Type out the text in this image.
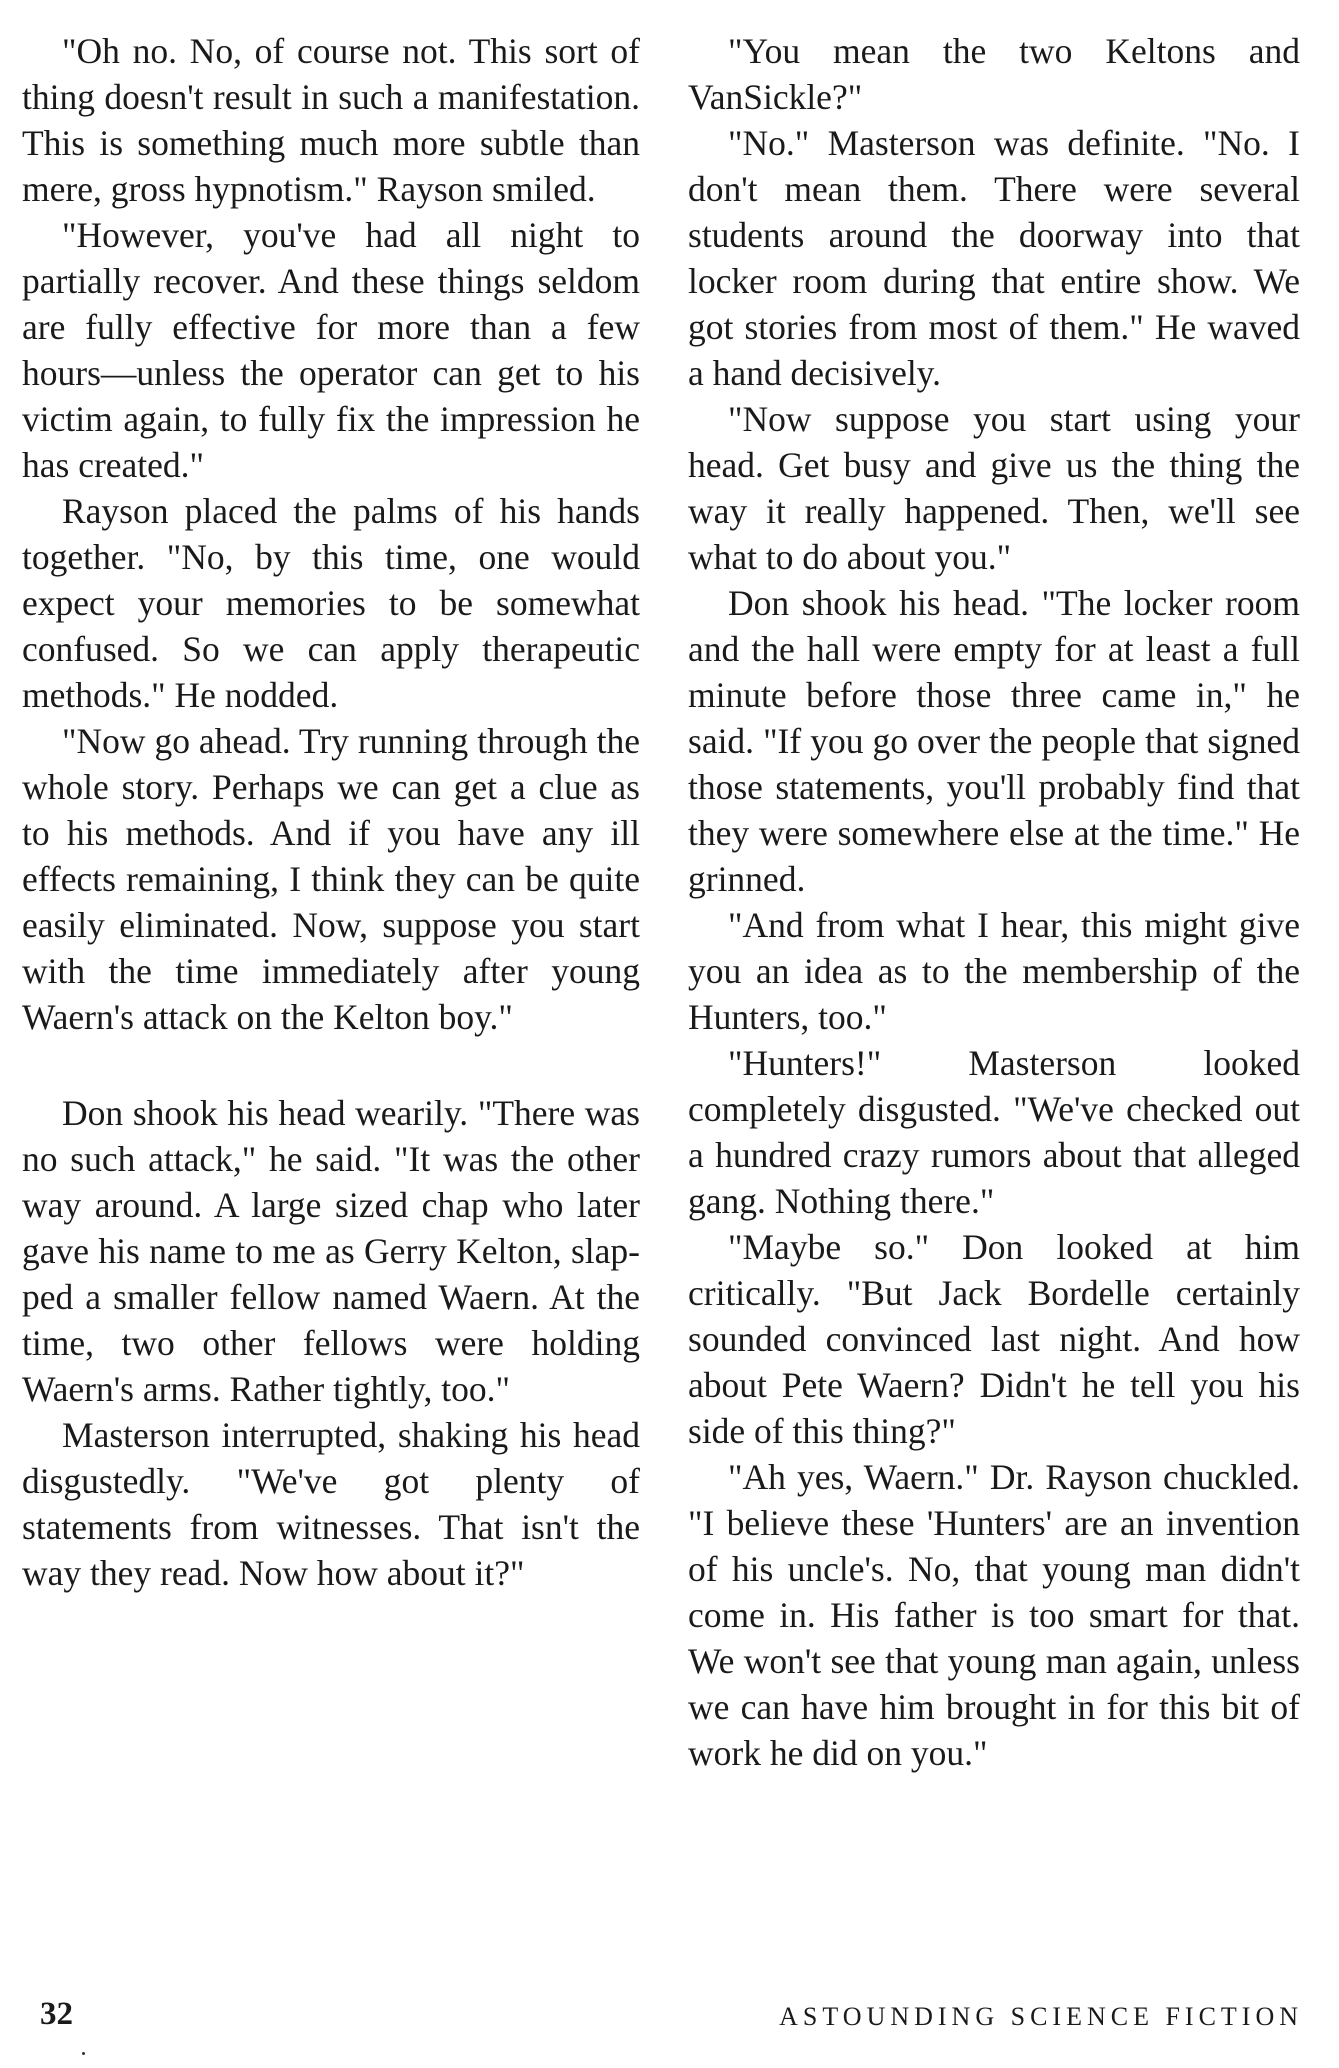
"Oh no. No, of course not. This sort of thing doesn't result in such a manifestation. This is something much more subtle than mere, gross hypnotism." Rayson smiled.

"However, you've had all night to partially recover. And these things seldom are fully effective for more than a few hours—unless the operator can get to his victim again, to fully fix the impression he has created."

Rayson placed the palms of his hands together. "No, by this time, one would expect your memories to be somewhat confused. So we can apply therapeutic methods." He nodded.

"Now go ahead. Try running through the whole story. Perhaps we can get a clue as to his methods. And if you have any ill effects remaining, I think they can be quite easily eliminated. Now, suppose you start with the time immediately after young Waern's attack on the Kelton boy."

Don shook his head wearily. "There was no such attack," he said. "It was the other way around. A large sized chap who later gave his name to me as Gerry Kelton, slapped a smaller fellow named Waern. At the time, two other fellows were holding Waern's arms. Rather tightly, too."

Masterson interrupted, shaking his head disgustedly. "We've got plenty of statements from witnesses. That isn't the way they read. Now how about it?"

"You mean the two Keltons and VanSickle?"

"No." Masterson was definite. "No. I don't mean them. There were several students around the doorway into that locker room during that entire show. We got stories from most of them." He waved a hand decisively.

"Now suppose you start using your head. Get busy and give us the thing the way it really happened. Then, we'll see what to do about you."

Don shook his head. "The locker room and the hall were empty for at least a full minute before those three came in," he said. "If you go over the people that signed those statements, you'll probably find that they were somewhere else at the time." He grinned.

"And from what I hear, this might give you an idea as to the membership of the Hunters, too."

"Hunters!" Masterson looked completely disgusted. "We've checked out a hundred crazy rumors about that alleged gang. Nothing there."

"Maybe so." Don looked at him critically. "But Jack Bordelle certainly sounded convinced last night. And how about Pete Waern? Didn't he tell you his side of this thing?"

"Ah yes, Waern." Dr. Rayson chuckled. "I believe these 'Hunters' are an invention of his uncle's. No, that young man didn't come in. His father is too smart for that. We won't see that young man again, unless we can have him brought in for this bit of work he did on you."

32	ASTOUNDING SCIENCE FICTION
